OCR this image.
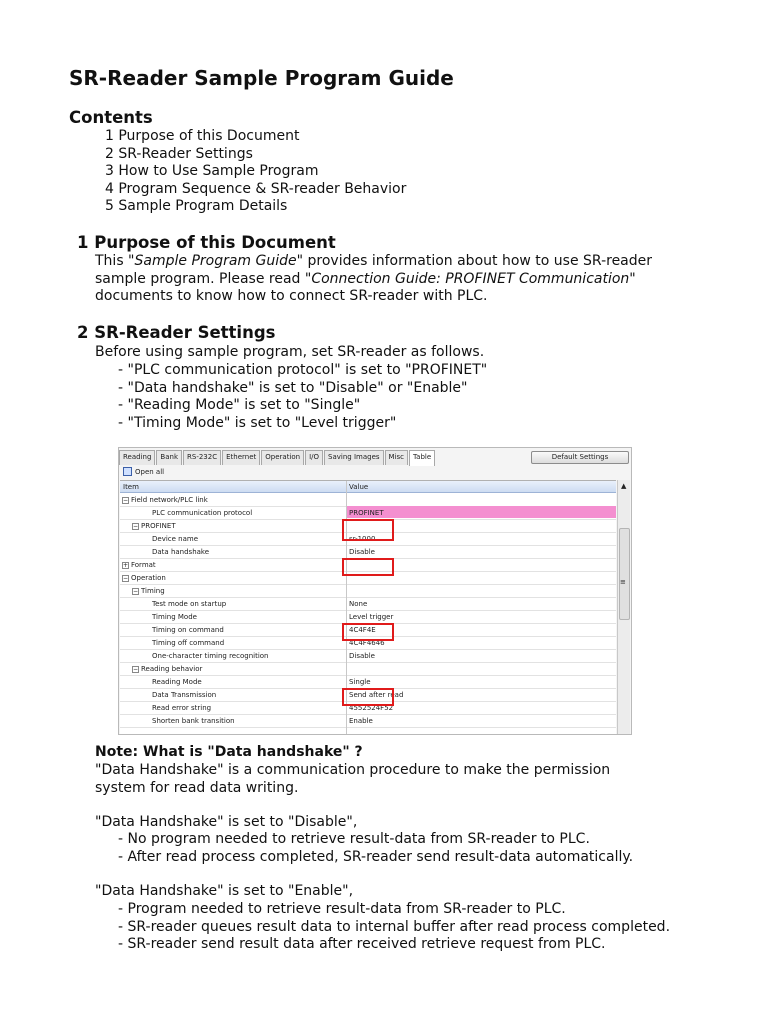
SR-Reader Sample Program Guide
Contents
1 Purpose of this Document
2 SR-Reader Settings
3 How to Use Sample Program
4 Program Sequence & SR-reader Behavior
5 Sample Program Details
1 Purpose of this Document
This "Sample Program Guide" provides information about how to use SR-reader
sample program. Please read "Connection Guide: PROFINET Communication"
documents to know how to connect SR-reader with PLC.
2 SR-Reader Settings
Before using sample program, set SR-reader as follows.
- "PLC communication protocol" is set to "PROFINET"
- "Data handshake" is set to "Disable" or "Enable"
- "Reading Mode" is set to "Single"
- "Timing Mode" is set to "Level trigger"
Reading	Bank	RS-232C	Ethernet	Operation	I/O	Saving Images	Misc	Table	Default Settings
Open all
Item	Value
− Field network/PLC link
PLC communication protocol	PROFINET
− PROFINET
Device name	sr-1000
Data handshake	Disable
+ Format
− Operation
− Timing
Test mode on startup	None
Timing Mode	Level trigger
Timing on command	4C4F4E
Timing off command	4C4F4646
One-character timing recognition	Disable
− Reading behavior
Reading Mode	Single
Data Transmission	Send after read
Read error string	4552524F52
Shorten bank transition	Enable
▲
≡
Note: What is "Data handshake" ?
"Data Handshake" is a communication procedure to make the permission
system for read data writing.
"Data Handshake" is set to "Disable",
- No program needed to retrieve result-data from SR-reader to PLC.
- After read process completed, SR-reader send result-data automatically.
"Data Handshake" is set to "Enable",
- Program needed to retrieve result-data from SR-reader to PLC.
- SR-reader queues result data to internal buffer after read process completed.
- SR-reader send result data after received retrieve request from PLC.
